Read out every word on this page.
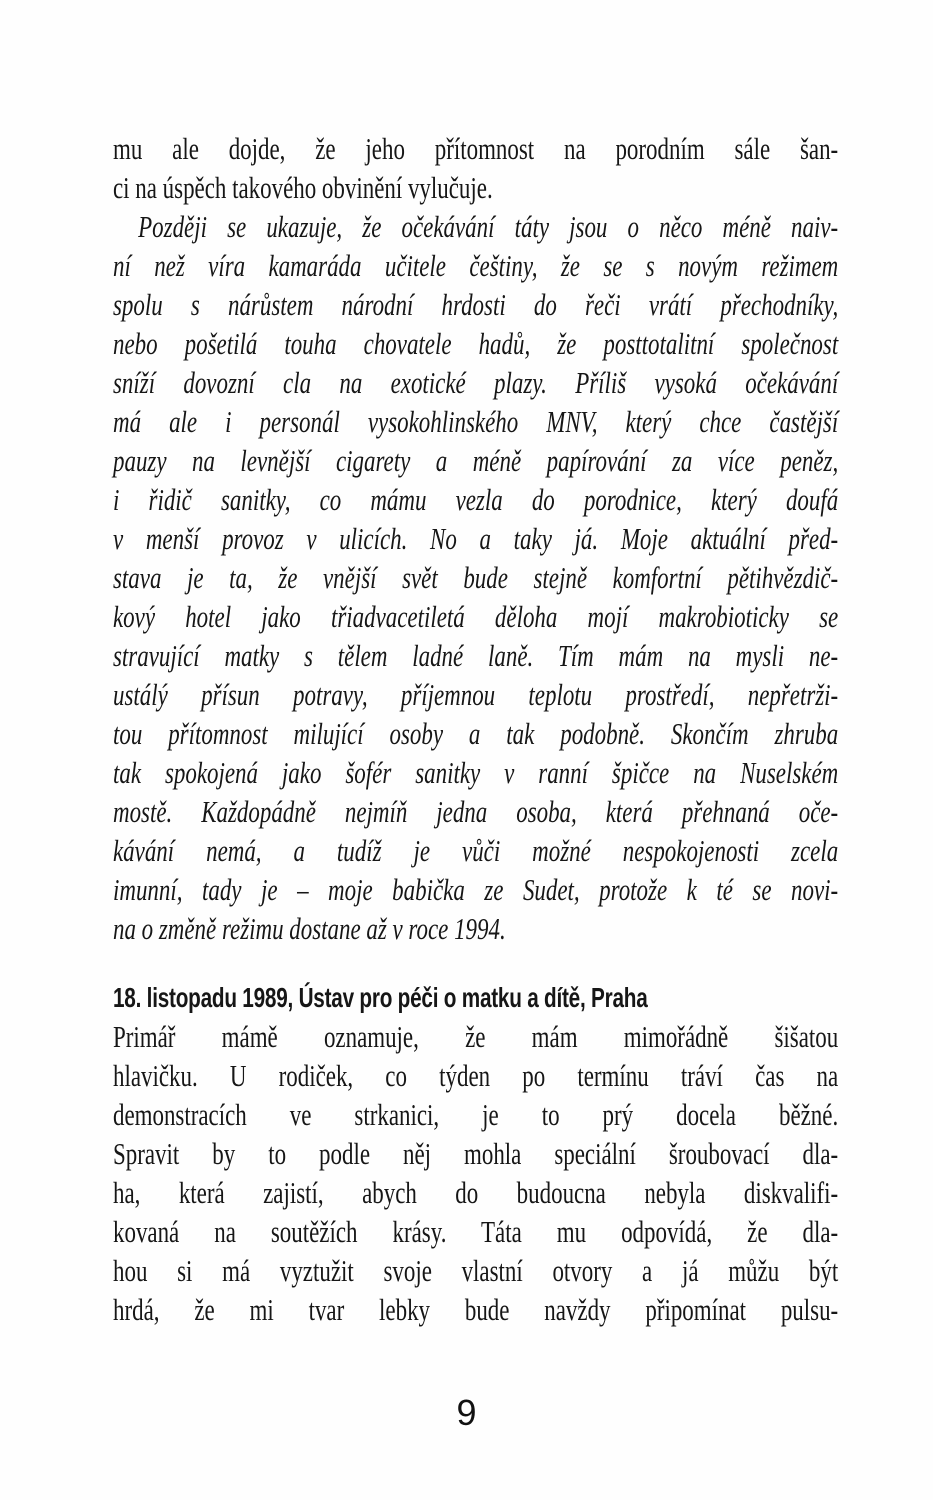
mu ale dojde, že jeho přítomnost na porodním sále šan-
ci na úspěch takového obvinění vylučuje.
Později se ukazuje, že očekávání táty jsou o něco méně naiv-
ní než víra kamaráda učitele češtiny, že se s novým režimem
spolu s nárůstem národní hrdosti do řeči vrátí přechodníky,
nebo pošetilá touha chovatele hadů, že posttotalitní společnost
sníží dovozní cla na exotické plazy. Příliš vysoká očekávání
má ale i personál vysokohlinského MNV, který chce častější
pauzy na levnější cigarety a méně papírování za více peněz,
i řidič sanitky, co mámu vezla do porodnice, který doufá
v menší provoz v ulicích. No a taky já. Moje aktuální před-
stava je ta, že vnější svět bude stejně komfortní pětihvězdič-
kový hotel jako třiadvacetiletá děloha mojí makrobioticky se
stravující matky s tělem ladné laně. Tím mám na mysli ne-
ustálý přísun potravy, příjemnou teplotu prostředí, nepřetrži-
tou přítomnost milující osoby a tak podobně. Skončím zhruba
tak spokojená jako šofér sanitky v ranní špičce na Nuselském
mostě. Každopádně nejmíň jedna osoba, která přehnaná oče-
kávání nemá, a tudíž je vůči možné nespokojenosti zcela
imunní, tady je – moje babička ze Sudet, protože k té se novi-
na o změně režimu dostane až v roce 1994.
18. listopadu 1989, Ústav pro péči o matku a dítě, Praha
Primář mámě oznamuje, že mám mimořádně šišatou
hlavičku. U rodiček, co týden po termínu tráví čas na
demonstracích ve strkanici, je to prý docela běžné.
Spravit by to podle něj mohla speciální šroubovací dla-
ha, která zajistí, abych do budoucna nebyla diskvalifi-
kovaná na soutěžích krásy. Táta mu odpovídá, že dla-
hou si má vyztužit svoje vlastní otvory a já můžu být
hrdá, že mi tvar lebky bude navždy připomínat pulsu-
9
